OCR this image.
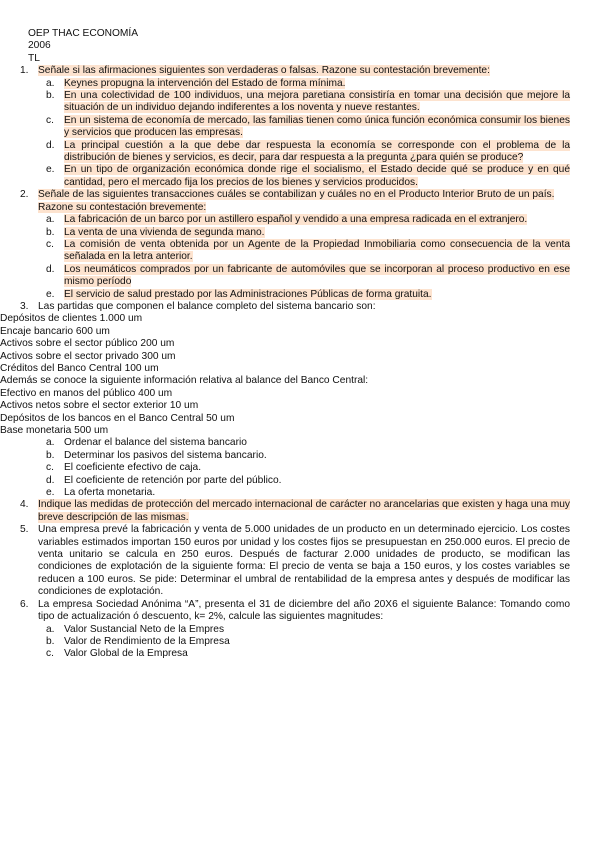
OEP THAC ECONOMÍA
2006
TL
1. Señale si las afirmaciones siguientes son verdaderas o falsas. Razone su contestación brevemente:
a. Keynes propugna la intervención del Estado de forma mínima.
b. En una colectividad de 100 individuos, una mejora paretiana consistiría en tomar una decisión que mejore la situación de un individuo dejando indiferentes a los noventa y nueve restantes.
c. En un sistema de economía de mercado, las familias tienen como única función económica consumir los bienes y servicios que producen las empresas.
d. La principal cuestión a la que debe dar respuesta la economía se corresponde con el problema de la distribución de bienes y servicios, es decir, para dar respuesta a la pregunta ¿para quién se produce?
e. En un tipo de organización económica donde rige el socialismo, el Estado decide qué se produce y en qué cantidad, pero el mercado fija los precios de los bienes y servicios producidos.
2. Señale de las siguientes transacciones cuáles se contabilizan y cuáles no en el Producto Interior Bruto de un país. Razone su contestación brevemente:
a. La fabricación de un barco por un astillero español y vendido a una empresa radicada en el extranjero.
b. La venta de una vivienda de segunda mano.
c. La comisión de venta obtenida por un Agente de la Propiedad Inmobiliaria como consecuencia de la venta señalada en la letra anterior.
d. Los neumáticos comprados por un fabricante de automóviles que se incorporan al proceso productivo en ese mismo período
e. El servicio de salud prestado por las Administraciones Públicas de forma gratuita.
3. Las partidas que componen el balance completo del sistema bancario son:
Depósitos de clientes 1.000 um
Encaje bancario 600 um
Activos sobre el sector público 200 um
Activos sobre el sector privado 300 um
Créditos del Banco Central 100 um
Además se conoce la siguiente información relativa al balance del Banco Central:
Efectivo en manos del público 400 um
Activos netos sobre el sector exterior 10 um
Depósitos de los bancos en el Banco Central 50 um
Base monetaria 500 um
a. Ordenar el balance del sistema bancario
b. Determinar los pasivos del sistema bancario.
c. El coeficiente efectivo de caja.
d. El coeficiente de retención por parte del público.
e. La oferta monetaria.
4. Indique las medidas de protección del mercado internacional de carácter no arancelarias que existen y haga una muy breve descripción de las mismas.
5. Una empresa prevé la fabricación y venta de 5.000 unidades de un producto en un determinado ejercicio. Los costes variables estimados importan 150 euros por unidad y los costes fijos se presupuestan en 250.000 euros. El precio de venta unitario se calcula en 250 euros. Después de facturar 2.000 unidades de producto, se modifican las condiciones de explotación de la siguiente forma: El precio de venta se baja a 150 euros, y los costes variables se reducen a 100 euros. Se pide: Determinar el umbral de rentabilidad de la empresa antes y después de modificar las condiciones de explotación.
6. La empresa Sociedad Anónima “A”, presenta el 31 de diciembre del año 20X6 el siguiente Balance: Tomando como tipo de actualización ó descuento, k= 2%, calcule las siguientes magnitudes:
a. Valor Sustancial Neto de la Empres
b. Valor de Rendimiento de la Empresa
c. Valor Global de la Empresa
